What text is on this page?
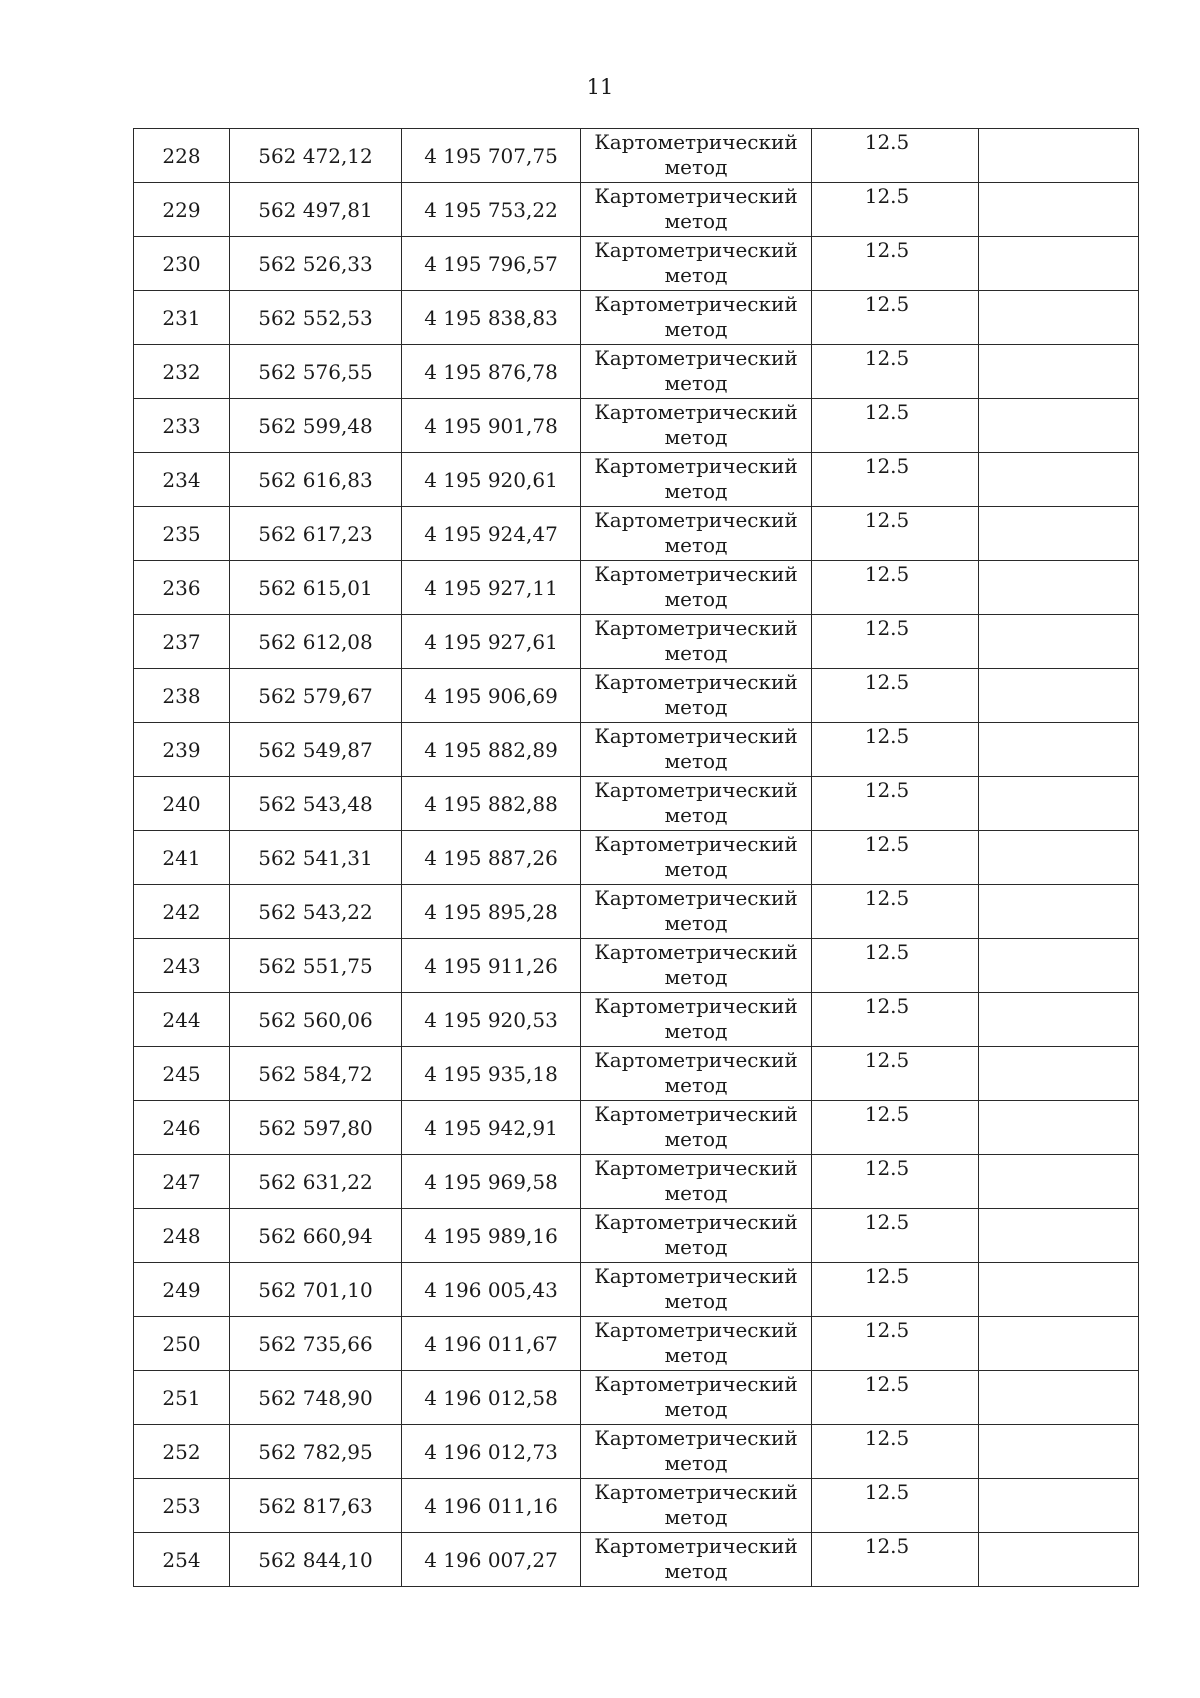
11
228	562 472,12	4 195 707,75	Картометрический
метод	12.5	

229	562 497,81	4 195 753,22	Картометрический
метод	12.5	

230	562 526,33	4 195 796,57	Картометрический
метод	12.5	

231	562 552,53	4 195 838,83	Картометрический
метод	12.5	

232	562 576,55	4 195 876,78	Картометрический
метод	12.5	

233	562 599,48	4 195 901,78	Картометрический
метод	12.5	

234	562 616,83	4 195 920,61	Картометрический
метод	12.5	

235	562 617,23	4 195 924,47	Картометрический
метод	12.5	

236	562 615,01	4 195 927,11	Картометрический
метод	12.5	

237	562 612,08	4 195 927,61	Картометрический
метод	12.5	

238	562 579,67	4 195 906,69	Картометрический
метод	12.5	

239	562 549,87	4 195 882,89	Картометрический
метод	12.5	

240	562 543,48	4 195 882,88	Картометрический
метод	12.5	

241	562 541,31	4 195 887,26	Картометрический
метод	12.5	

242	562 543,22	4 195 895,28	Картометрический
метод	12.5	

243	562 551,75	4 195 911,26	Картометрический
метод	12.5	

244	562 560,06	4 195 920,53	Картометрический
метод	12.5	

245	562 584,72	4 195 935,18	Картометрический
метод	12.5	

246	562 597,80	4 195 942,91	Картометрический
метод	12.5	

247	562 631,22	4 195 969,58	Картометрический
метод	12.5	

248	562 660,94	4 195 989,16	Картометрический
метод	12.5	

249	562 701,10	4 196 005,43	Картометрический
метод	12.5	

250	562 735,66	4 196 011,67	Картометрический
метод	12.5	

251	562 748,90	4 196 012,58	Картометрический
метод	12.5	

252	562 782,95	4 196 012,73	Картометрический
метод	12.5	

253	562 817,63	4 196 011,16	Картометрический
метод	12.5	

254	562 844,10	4 196 007,27	Картометрический
метод	12.5	
